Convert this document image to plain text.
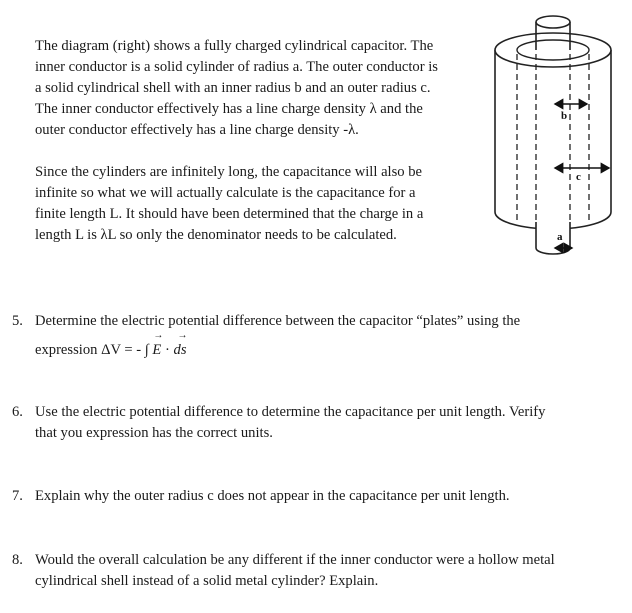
The diagram (right) shows a fully charged cylindrical capacitor. The
inner conductor is a solid cylinder of radius a. The outer conductor is
a solid cylindrical shell with an inner radius b and an outer radius c.
The inner conductor effectively has a line charge density λ and the
outer conductor effectively has a line charge density -λ.

Since the cylinders are infinitely long, the capacitance will also be
infinite so what we will actually calculate is the capacitance for a
finite length L. It should have been determined that the charge in a
length L is λL so only the denominator needs to be calculated.

b
c
a
5. Determine the electric potential difference between the capacitor “plates” using the
expression ΔV = - ∫
→
E ·
→
ds
6. Use the electric potential difference to determine the capacitance per unit length. Verify
that you expression has the correct units.
7. Explain why the outer radius c does not appear in the capacitance per unit length.
8. Would the overall calculation be any different if the inner conductor were a hollow metal
cylindrical shell instead of a solid metal cylinder? Explain.
